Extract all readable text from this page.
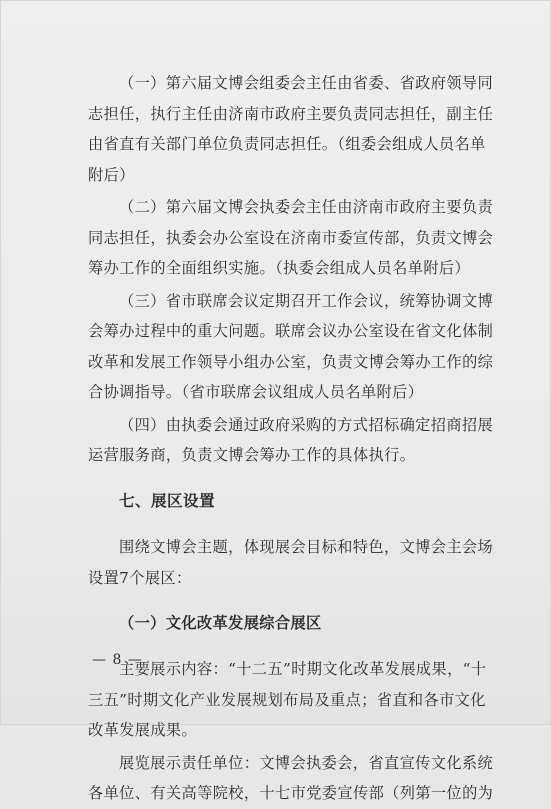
（一）第六届文博会组委会主任由省委、省政府领导同志担任，执行主任由济南市政府主要负责同志担任，副主任由省直有关部门单位负责同志担任。（组委会组成人员名单附后）

（二）第六届文博会执委会主任由济南市政府主要负责同志担任，执委会办公室设在济南市委宣传部，负责文博会筹办工作的全面组织实施。（执委会组成人员名单附后）

（三）省市联席会议定期召开工作会议，统筹协调文博会筹办过程中的重大问题。联席会议办公室设在省文化体制改革和发展工作领导小组办公室，负责文博会筹办工作的综合协调指导。（省市联席会议组成人员名单附后）

（四）由执委会通过政府采购的方式招标确定招商招展运营服务商，负责文博会筹办工作的具体执行。

七、展区设置

围绕文博会主题，体现展会目标和特色，文博会主会场设置7个展区：

（一）文化改革发展综合展区

主要展示内容：“十二五”时期文化改革发展成果，“十三五”时期文化产业发展规划布局及重点；省直和各市文化改革发展成果。

展览展示责任单位：文博会执委会，省直宣传文化系统各单位、有关高等院校，十七市党委宣传部（列第一位的为

— 8 —
